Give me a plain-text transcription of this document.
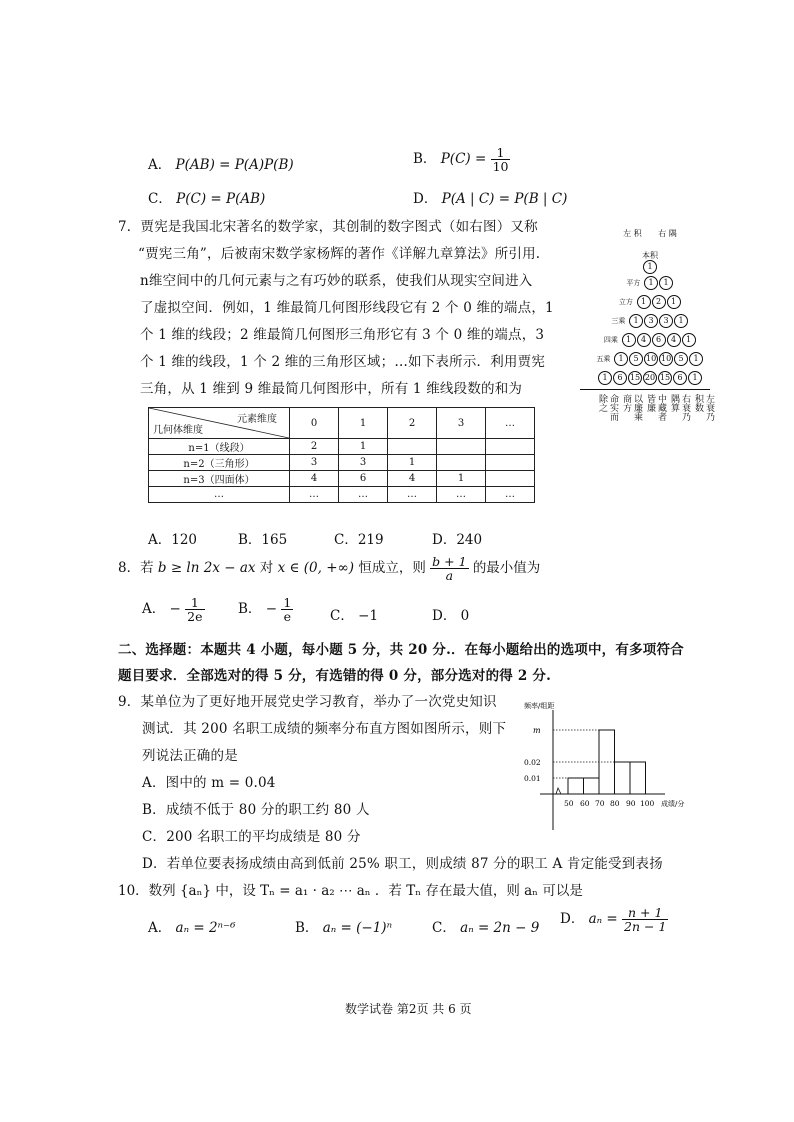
A． P(AB) = P(A)P(B)	B． $P(C) = \frac{1}{10}$
C． P(C) = P(AB)	D． P(A | C) = P(B | C)
7．贾宪是我国北宋著名的数学家，其创制的数字图式（如右图）又称
“贾宪三角”，后被南宋数学家杨辉的著作《详解九章算法》所引用.
n维空间中的几何元素与之有巧妙的联系，使我们从现实空间进入
了虚拟空间．例如，1 维最简几何图形线段它有 2 个 0 维的端点，1
个 1 维的线段；2 维最简几何图形三角形它有 3 个 0 维的端点，3
个 1 维的线段，1 个 2 维的三角形区域；…如下表所示．利用贾宪
三角，从 1 维到 9 维最简几何图形中，所有 1 维线段数的和为
左 积 右 隅
本积
1
平方 1 1
立方 1 2 1
三乘 1 3 3 1
四乘 1 4 6 4 1
五乘 1 5 10 10 5 1
1 6 15 20 15 6 1
命实而除之	以廉乘商方	中藏者皆廉	右衰乃隅算	左衰乃积数
元素维度
几何体维度	0	1	2	3	…
n=1（线段）	2	1			
n=2（三角形）	3	3	1		
n=3（四面体）	4	6	4	1	
…	…	…	…	…	…
A．120	B．165	C．219	D．240
8．若 b ≥ ln 2x − ax 对 x ∈ (0, +∞) 恒成立，则 $\frac{b + 1}{a}$ 的最小值为
A． − $\frac{1}{2e}$ B． − $\frac{1}{e}$	C． −1	D． 0
二、选择题：本题共 4 小题，每小题 5 分，共 20 分.．在每小题给出的选项中，有多项符合
题目要求．全部选对的得 5 分，有选错的得 0 分，部分选对的得 2 分.
9．某单位为了更好地开展党史学习教育，举办了一次党史知识
测试．其 200 名职工成绩的频率分布直方图如图所示，则下
列说法正确的是
A．图中的 m = 0.04
B．成绩不低于 80 分的职工约 80 人
C．200 名职工的平均成绩是 80 分
D．若单位要表扬成绩由高到低前 25% 职工，则成绩 87 分的职工 A 肯定能受到表扬
频率/组距
m
0.02
0.01
50 60 70 80 90 100 成绩/分
10．数列 {aₙ} 中，设 Tₙ = a₁ · a₂ ⋯ aₙ ．若 Tₙ 存在最大值，则 aₙ 可以是
A． aₙ = 2ⁿ⁻⁶	B． aₙ = (−1)ⁿ	C． aₙ = 2n − 9
D． $a_n = \frac{n + 1}{2n - 1}$
数学试卷 第2页 共 6 页
